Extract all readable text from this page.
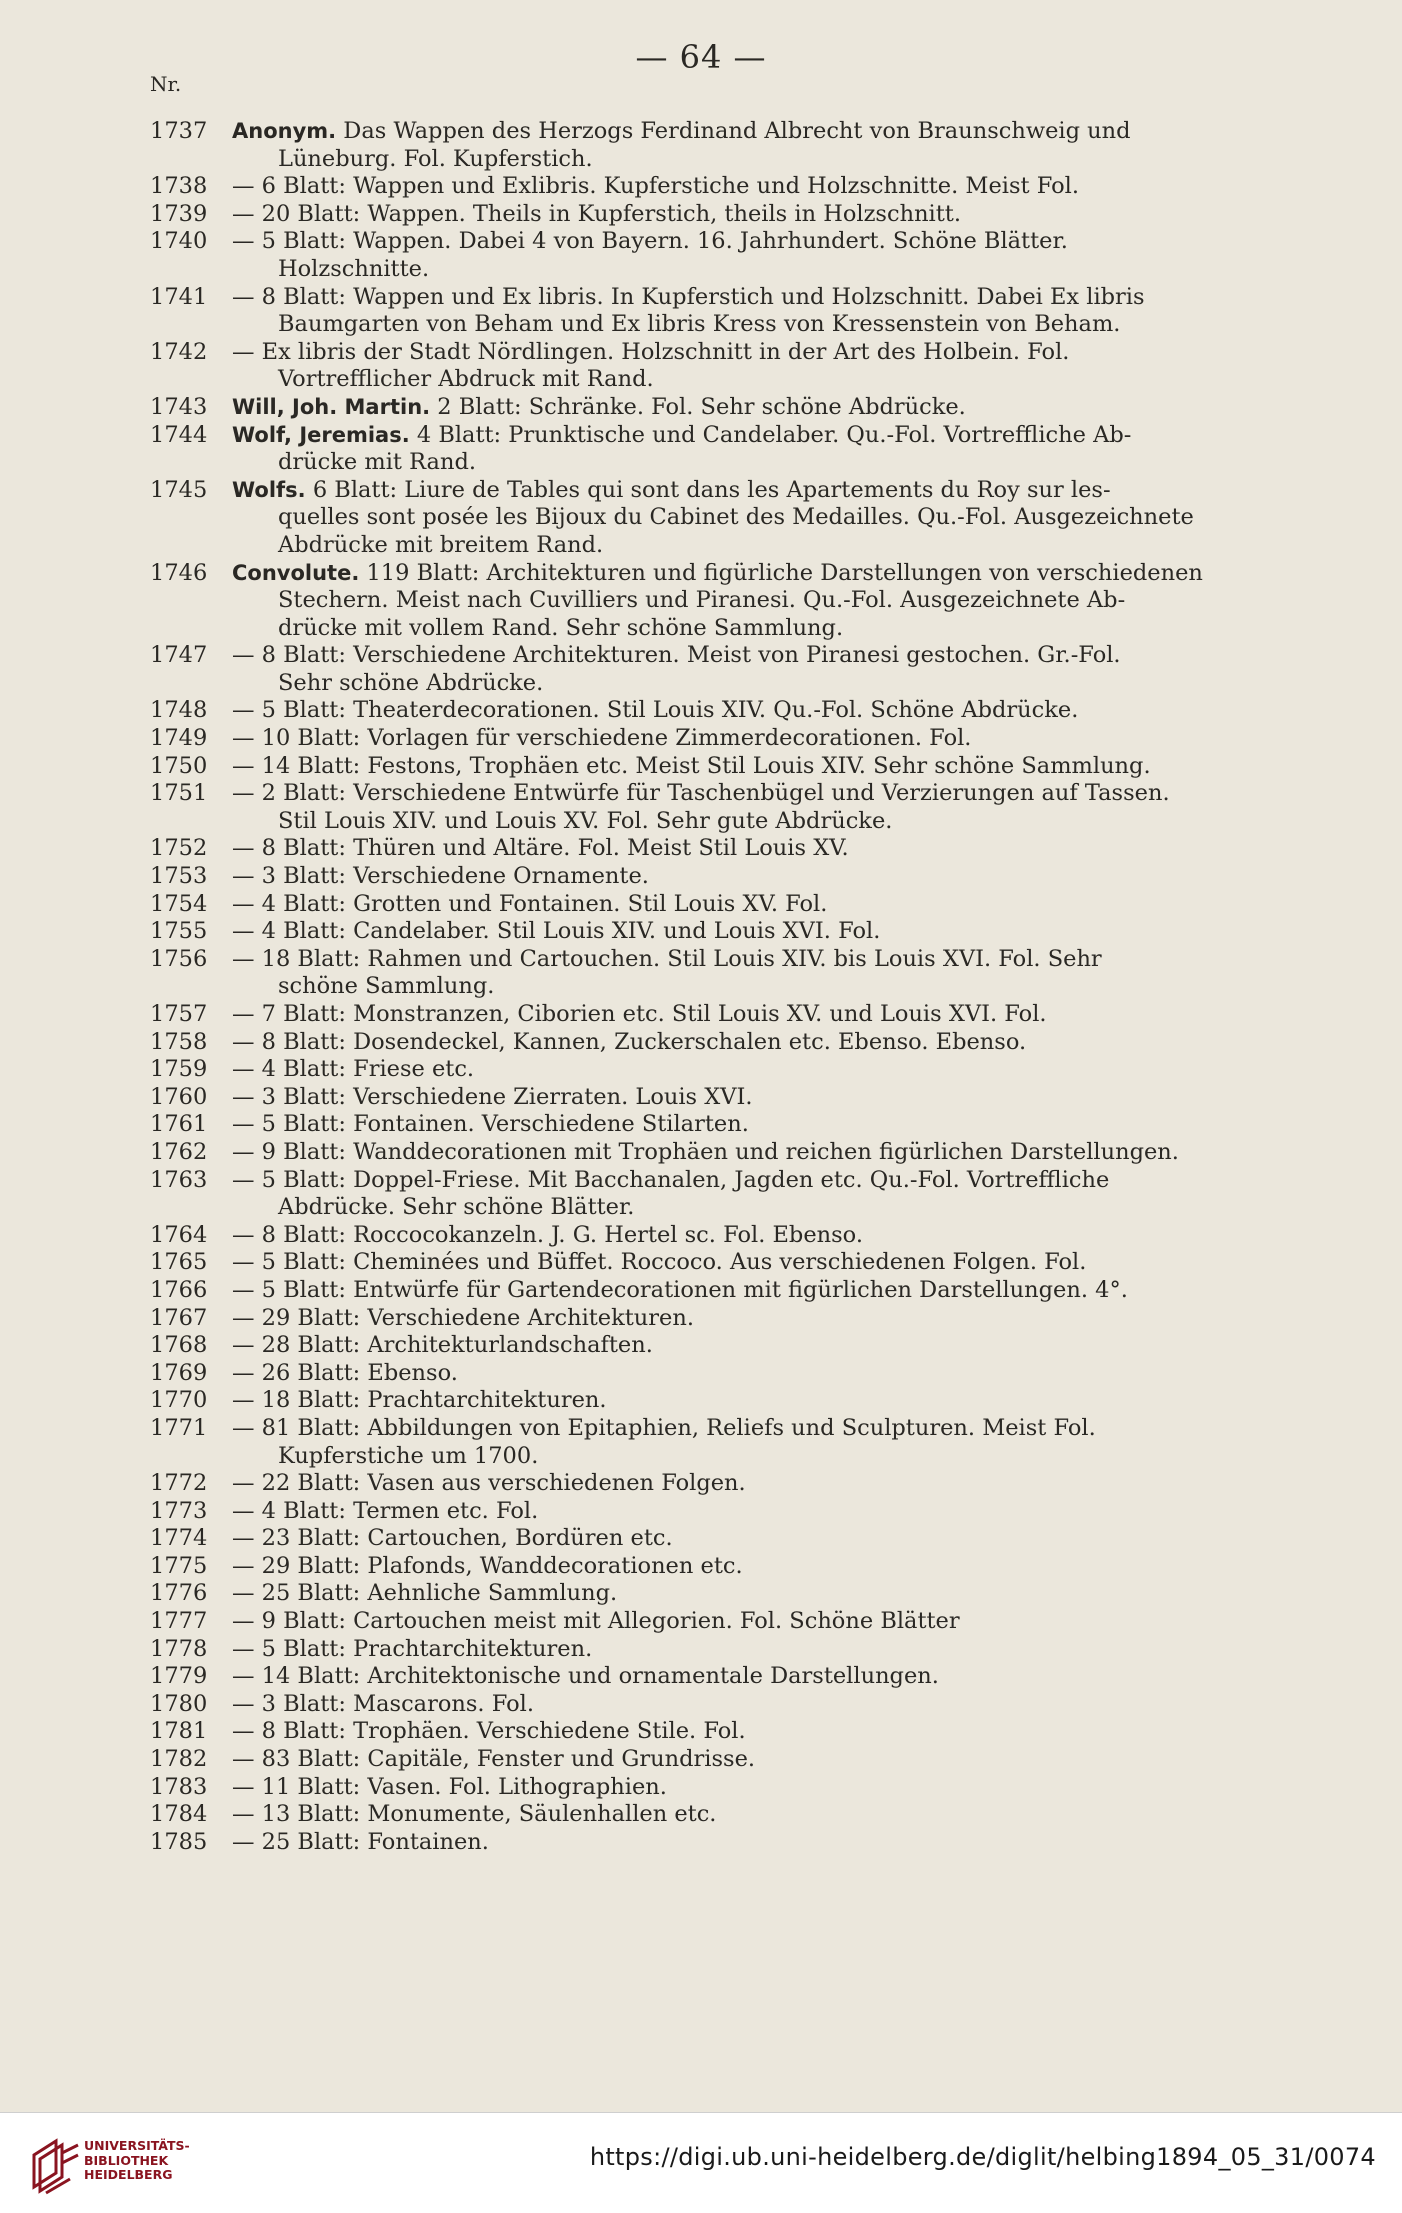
— 64 —
Nr.
1737	Anonym. Das Wappen des Herzogs Ferdinand Albrecht von Braunschweig und
Lüneburg. Fol. Kupferstich.
1738	— 6 Blatt: Wappen und Exlibris. Kupferstiche und Holzschnitte. Meist Fol.
1739	— 20 Blatt: Wappen. Theils in Kupferstich, theils in Holzschnitt.
1740	— 5 Blatt: Wappen. Dabei 4 von Bayern. 16. Jahrhundert. Schöne Blätter.
Holzschnitte.
1741	— 8 Blatt: Wappen und Ex libris. In Kupferstich und Holzschnitt. Dabei Ex libris
Baumgarten von Beham und Ex libris Kress von Kressenstein von Beham.
1742	— Ex libris der Stadt Nördlingen. Holzschnitt in der Art des Holbein. Fol.
Vortrefflicher Abdruck mit Rand.
1743	Will, Joh. Martin. 2 Blatt: Schränke. Fol. Sehr schöne Abdrücke.
1744	Wolf, Jeremias. 4 Blatt: Prunktische und Candelaber. Qu.-Fol. Vortreffliche Ab-
drücke mit Rand.
1745	Wolfs. 6 Blatt: Liure de Tables qui sont dans les Apartements du Roy sur les-
quelles sont posée les Bijoux du Cabinet des Medailles. Qu.-Fol. Ausgezeichnete
Abdrücke mit breitem Rand.
1746	Convolute. 119 Blatt: Architekturen und figürliche Darstellungen von verschiedenen
Stechern. Meist nach Cuvilliers und Piranesi. Qu.-Fol. Ausgezeichnete Ab-
drücke mit vollem Rand. Sehr schöne Sammlung.
1747	— 8 Blatt: Verschiedene Architekturen. Meist von Piranesi gestochen. Gr.-Fol.
Sehr schöne Abdrücke.
1748	— 5 Blatt: Theaterdecorationen. Stil Louis XIV. Qu.-Fol. Schöne Abdrücke.
1749	— 10 Blatt: Vorlagen für verschiedene Zimmerdecorationen. Fol.
1750	— 14 Blatt: Festons, Trophäen etc. Meist Stil Louis XIV. Sehr schöne Sammlung.
1751	— 2 Blatt: Verschiedene Entwürfe für Taschenbügel und Verzierungen auf Tassen.
Stil Louis XIV. und Louis XV. Fol. Sehr gute Abdrücke.
1752	— 8 Blatt: Thüren und Altäre. Fol. Meist Stil Louis XV.
1753	— 3 Blatt: Verschiedene Ornamente.
1754	— 4 Blatt: Grotten und Fontainen. Stil Louis XV. Fol.
1755	— 4 Blatt: Candelaber. Stil Louis XIV. und Louis XVI. Fol.
1756	— 18 Blatt: Rahmen und Cartouchen. Stil Louis XIV. bis Louis XVI. Fol. Sehr
schöne Sammlung.
1757	— 7 Blatt: Monstranzen, Ciborien etc. Stil Louis XV. und Louis XVI. Fol.
1758	— 8 Blatt: Dosendeckel, Kannen, Zuckerschalen etc. Ebenso. Ebenso.
1759	— 4 Blatt: Friese etc.
1760	— 3 Blatt: Verschiedene Zierraten. Louis XVI.
1761	— 5 Blatt: Fontainen. Verschiedene Stilarten.
1762	— 9 Blatt: Wanddecorationen mit Trophäen und reichen figürlichen Darstellungen.
1763	— 5 Blatt: Doppel-Friese. Mit Bacchanalen, Jagden etc. Qu.-Fol. Vortreffliche
Abdrücke. Sehr schöne Blätter.
1764	— 8 Blatt: Roccocokanzeln. J. G. Hertel sc. Fol. Ebenso.
1765	— 5 Blatt: Cheminées und Büffet. Roccoco. Aus verschiedenen Folgen. Fol.
1766	— 5 Blatt: Entwürfe für Gartendecorationen mit figürlichen Darstellungen. 4°.
1767	— 29 Blatt: Verschiedene Architekturen.
1768	— 28 Blatt: Architekturlandschaften.
1769	— 26 Blatt: Ebenso.
1770	— 18 Blatt: Prachtarchitekturen.
1771	— 81 Blatt: Abbildungen von Epitaphien, Reliefs und Sculpturen. Meist Fol.
Kupferstiche um 1700.
1772	— 22 Blatt: Vasen aus verschiedenen Folgen.
1773	— 4 Blatt: Termen etc. Fol.
1774	— 23 Blatt: Cartouchen, Bordüren etc.
1775	— 29 Blatt: Plafonds, Wanddecorationen etc.
1776	— 25 Blatt: Aehnliche Sammlung.
1777	— 9 Blatt: Cartouchen meist mit Allegorien. Fol. Schöne Blätter
1778	— 5 Blatt: Prachtarchitekturen.
1779	— 14 Blatt: Architektonische und ornamentale Darstellungen.
1780	— 3 Blatt: Mascarons. Fol.
1781	— 8 Blatt: Trophäen. Verschiedene Stile. Fol.
1782	— 83 Blatt: Capitäle, Fenster und Grundrisse.
1783	— 11 Blatt: Vasen. Fol. Lithographien.
1784	— 13 Blatt: Monumente, Säulenhallen etc.
1785	— 25 Blatt: Fontainen.
UNIVERSITÄTS-
BIBLIOTHEK
HEIDELBERG
https://digi.ub.uni-heidelberg.de/diglit/helbing1894_05_31/0074
